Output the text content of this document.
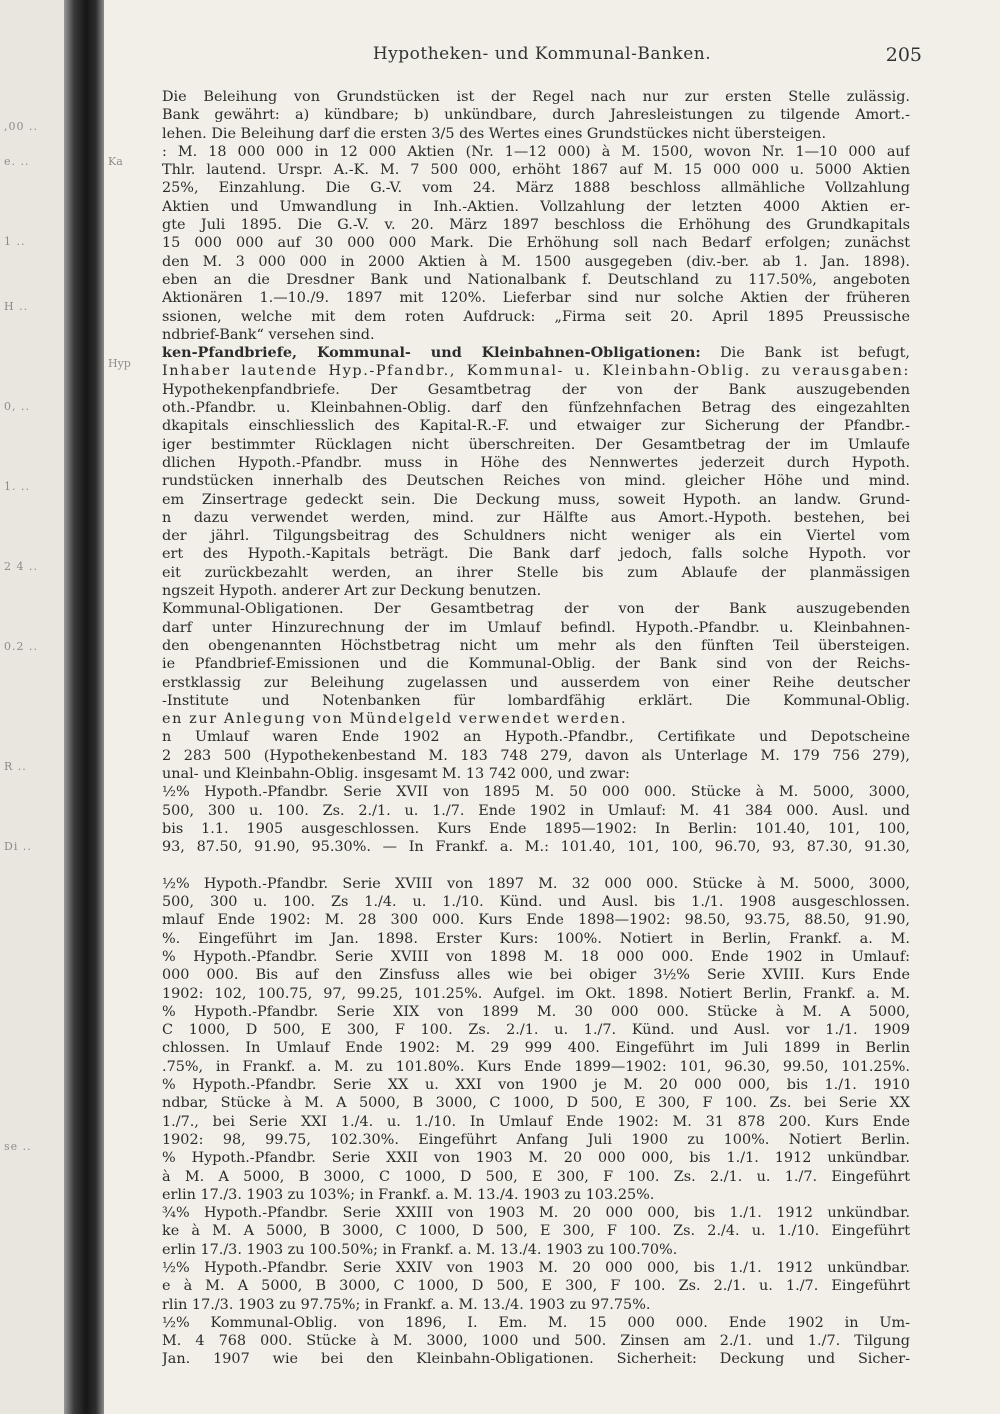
,00 ..
e. ..
1 ..
H ..
0, ..
1. ..
2 4 ..
0.2 ..
R ..
Di ..
se ..
Ka
Hyp
Hypotheken- und Kommunal-Banken.	205
Die Beleihung von Grundstücken ist der Regel nach nur zur ersten Stelle zulässig.
Bank gewährt: a) kündbare; b) unkündbare, durch Jahresleistungen zu tilgende Amort.-
lehen. Die Beleihung darf die ersten 3/5 des Wertes eines Grundstückes nicht übersteigen.
: M. 18 000 000 in 12 000 Aktien (Nr. 1—12 000) à M. 1500, wovon Nr. 1—10 000 auf
Thlr. lautend. Urspr. A.-K. M. 7 500 000, erhöht 1867 auf M. 15 000 000 u. 5000 Aktien
25%, Einzahlung. Die G.-V. vom 24. März 1888 beschloss allmähliche Vollzahlung
Aktien und Umwandlung in Inh.-Aktien. Vollzahlung der letzten 4000 Aktien er-
gte Juli 1895. Die G.-V. v. 20. März 1897 beschloss die Erhöhung des Grundkapitals
15 000 000 auf 30 000 000 Mark. Die Erhöhung soll nach Bedarf erfolgen; zunächst
den M. 3 000 000 in 2000 Aktien à M. 1500 ausgegeben (div.-ber. ab 1. Jan. 1898).
eben an die Dresdner Bank und Nationalbank f. Deutschland zu 117.50%, angeboten
Aktionären 1.—10./9. 1897 mit 120%. Lieferbar sind nur solche Aktien der früheren
ssionen, welche mit dem roten Aufdruck: „Firma seit 20. April 1895 Preussische
ndbrief-Bank“ versehen sind.
ken-Pfandbriefe, Kommunal- und Kleinbahnen-Obligationen: Die Bank ist befugt,
Inhaber lautende Hyp.-Pfandbr., Kommunal- u. Kleinbahn-Oblig. zu verausgaben:
Hypothekenpfandbriefe. Der Gesamtbetrag der von der Bank auszugebenden
oth.-Pfandbr. u. Kleinbahnen-Oblig. darf den fünfzehnfachen Betrag des eingezahlten
dkapitals einschliesslich des Kapital-R.-F. und etwaiger zur Sicherung der Pfandbr.-
iger bestimmter Rücklagen nicht überschreiten. Der Gesamtbetrag der im Umlaufe
dlichen Hypoth.-Pfandbr. muss in Höhe des Nennwertes jederzeit durch Hypoth.
rundstücken innerhalb des Deutschen Reiches von mind. gleicher Höhe und mind.
em Zinsertrage gedeckt sein. Die Deckung muss, soweit Hypoth. an landw. Grund-
n dazu verwendet werden, mind. zur Hälfte aus Amort.-Hypoth. bestehen, bei
der jährl. Tilgungsbeitrag des Schuldners nicht weniger als ein Viertel vom
ert des Hypoth.-Kapitals beträgt. Die Bank darf jedoch, falls solche Hypoth. vor
eit zurückbezahlt werden, an ihrer Stelle bis zum Ablaufe der planmässigen
ngszeit Hypoth. anderer Art zur Deckung benutzen.
Kommunal-Obligationen. Der Gesamtbetrag der von der Bank auszugebenden
darf unter Hinzurechnung der im Umlauf befindl. Hypoth.-Pfandbr. u. Kleinbahnen-
den obengenannten Höchstbetrag nicht um mehr als den fünften Teil übersteigen.
ie Pfandbrief-Emissionen und die Kommunal-Oblig. der Bank sind von der Reichs-
erstklassig zur Beleihung zugelassen und ausserdem von einer Reihe deutscher
-Institute und Notenbanken für lombardfähig erklärt. Die Kommunal-Oblig.
en zur Anlegung von Mündelgeld verwendet werden.
n Umlauf waren Ende 1902 an Hypoth.-Pfandbr., Certifikate und Depotscheine
2 283 500 (Hypothekenbestand M. 183 748 279, davon als Unterlage M. 179 756 279),
unal- und Kleinbahn-Oblig. insgesamt M. 13 742 000, und zwar:
½% Hypoth.-Pfandbr. Serie XVII von 1895 M. 50 000 000. Stücke à M. 5000, 3000,
500, 300 u. 100. Zs. 2./1. u. 1./7. Ende 1902 in Umlauf: M. 41 384 000. Ausl. und
bis 1.1. 1905 ausgeschlossen. Kurs Ende 1895—1902: In Berlin: 101.40, 101, 100,
93, 87.50, 91.90, 95.30%. — In Frankf. a. M.: 101.40, 101, 100, 96.70, 93, 87.30, 91.30,
½% Hypoth.-Pfandbr. Serie XVIII von 1897 M. 32 000 000. Stücke à M. 5000, 3000,
500, 300 u. 100. Zs 1./4. u. 1./10. Künd. und Ausl. bis 1./1. 1908 ausgeschlossen.
mlauf Ende 1902: M. 28 300 000. Kurs Ende 1898—1902: 98.50, 93.75, 88.50, 91.90,
%. Eingeführt im Jan. 1898. Erster Kurs: 100%. Notiert in Berlin, Frankf. a. M.
% Hypoth.-Pfandbr. Serie XVIII von 1898 M. 18 000 000. Ende 1902 in Umlauf:
000 000. Bis auf den Zinsfuss alles wie bei obiger 3½% Serie XVIII. Kurs Ende
1902: 102, 100.75, 97, 99.25, 101.25%. Aufgel. im Okt. 1898. Notiert Berlin, Frankf. a. M.
% Hypoth.-Pfandbr. Serie XIX von 1899 M. 30 000 000. Stücke à M. A 5000,
C 1000, D 500, E 300, F 100. Zs. 2./1. u. 1./7. Künd. und Ausl. vor 1./1. 1909
chlossen. In Umlauf Ende 1902: M. 29 999 400. Eingeführt im Juli 1899 in Berlin
.75%, in Frankf. a. M. zu 101.80%. Kurs Ende 1899—1902: 101, 96.30, 99.50, 101.25%.
% Hypoth.-Pfandbr. Serie XX u. XXI von 1900 je M. 20 000 000, bis 1./1. 1910
ndbar, Stücke à M. A 5000, B 3000, C 1000, D 500, E 300, F 100. Zs. bei Serie XX
1./7., bei Serie XXI 1./4. u. 1./10. In Umlauf Ende 1902: M. 31 878 200. Kurs Ende
1902: 98, 99.75, 102.30%. Eingeführt Anfang Juli 1900 zu 100%. Notiert Berlin.
% Hypoth.-Pfandbr. Serie XXII von 1903 M. 20 000 000, bis 1./1. 1912 unkündbar.
à M. A 5000, B 3000, C 1000, D 500, E 300, F 100. Zs. 2./1. u. 1./7. Eingeführt
erlin 17./3. 1903 zu 103%; in Frankf. a. M. 13./4. 1903 zu 103.25%.
¾% Hypoth.-Pfandbr. Serie XXIII von 1903 M. 20 000 000, bis 1./1. 1912 unkündbar.
ke à M. A 5000, B 3000, C 1000, D 500, E 300, F 100. Zs. 2./4. u. 1./10. Eingeführt
erlin 17./3. 1903 zu 100.50%; in Frankf. a. M. 13./4. 1903 zu 100.70%.
½% Hypoth.-Pfandbr. Serie XXIV von 1903 M. 20 000 000, bis 1./1. 1912 unkündbar.
e à M. A 5000, B 3000, C 1000, D 500, E 300, F 100. Zs. 2./1. u. 1./7. Eingeführt
rlin 17./3. 1903 zu 97.75%; in Frankf. a. M. 13./4. 1903 zu 97.75%.
½% Kommunal-Oblig. von 1896, I. Em. M. 15 000 000. Ende 1902 in Um-
M. 4 768 000. Stücke à M. 3000, 1000 und 500. Zinsen am 2./1. und 1./7. Tilgung
Jan. 1907 wie bei den Kleinbahn-Obligationen. Sicherheit: Deckung und Sicher-
